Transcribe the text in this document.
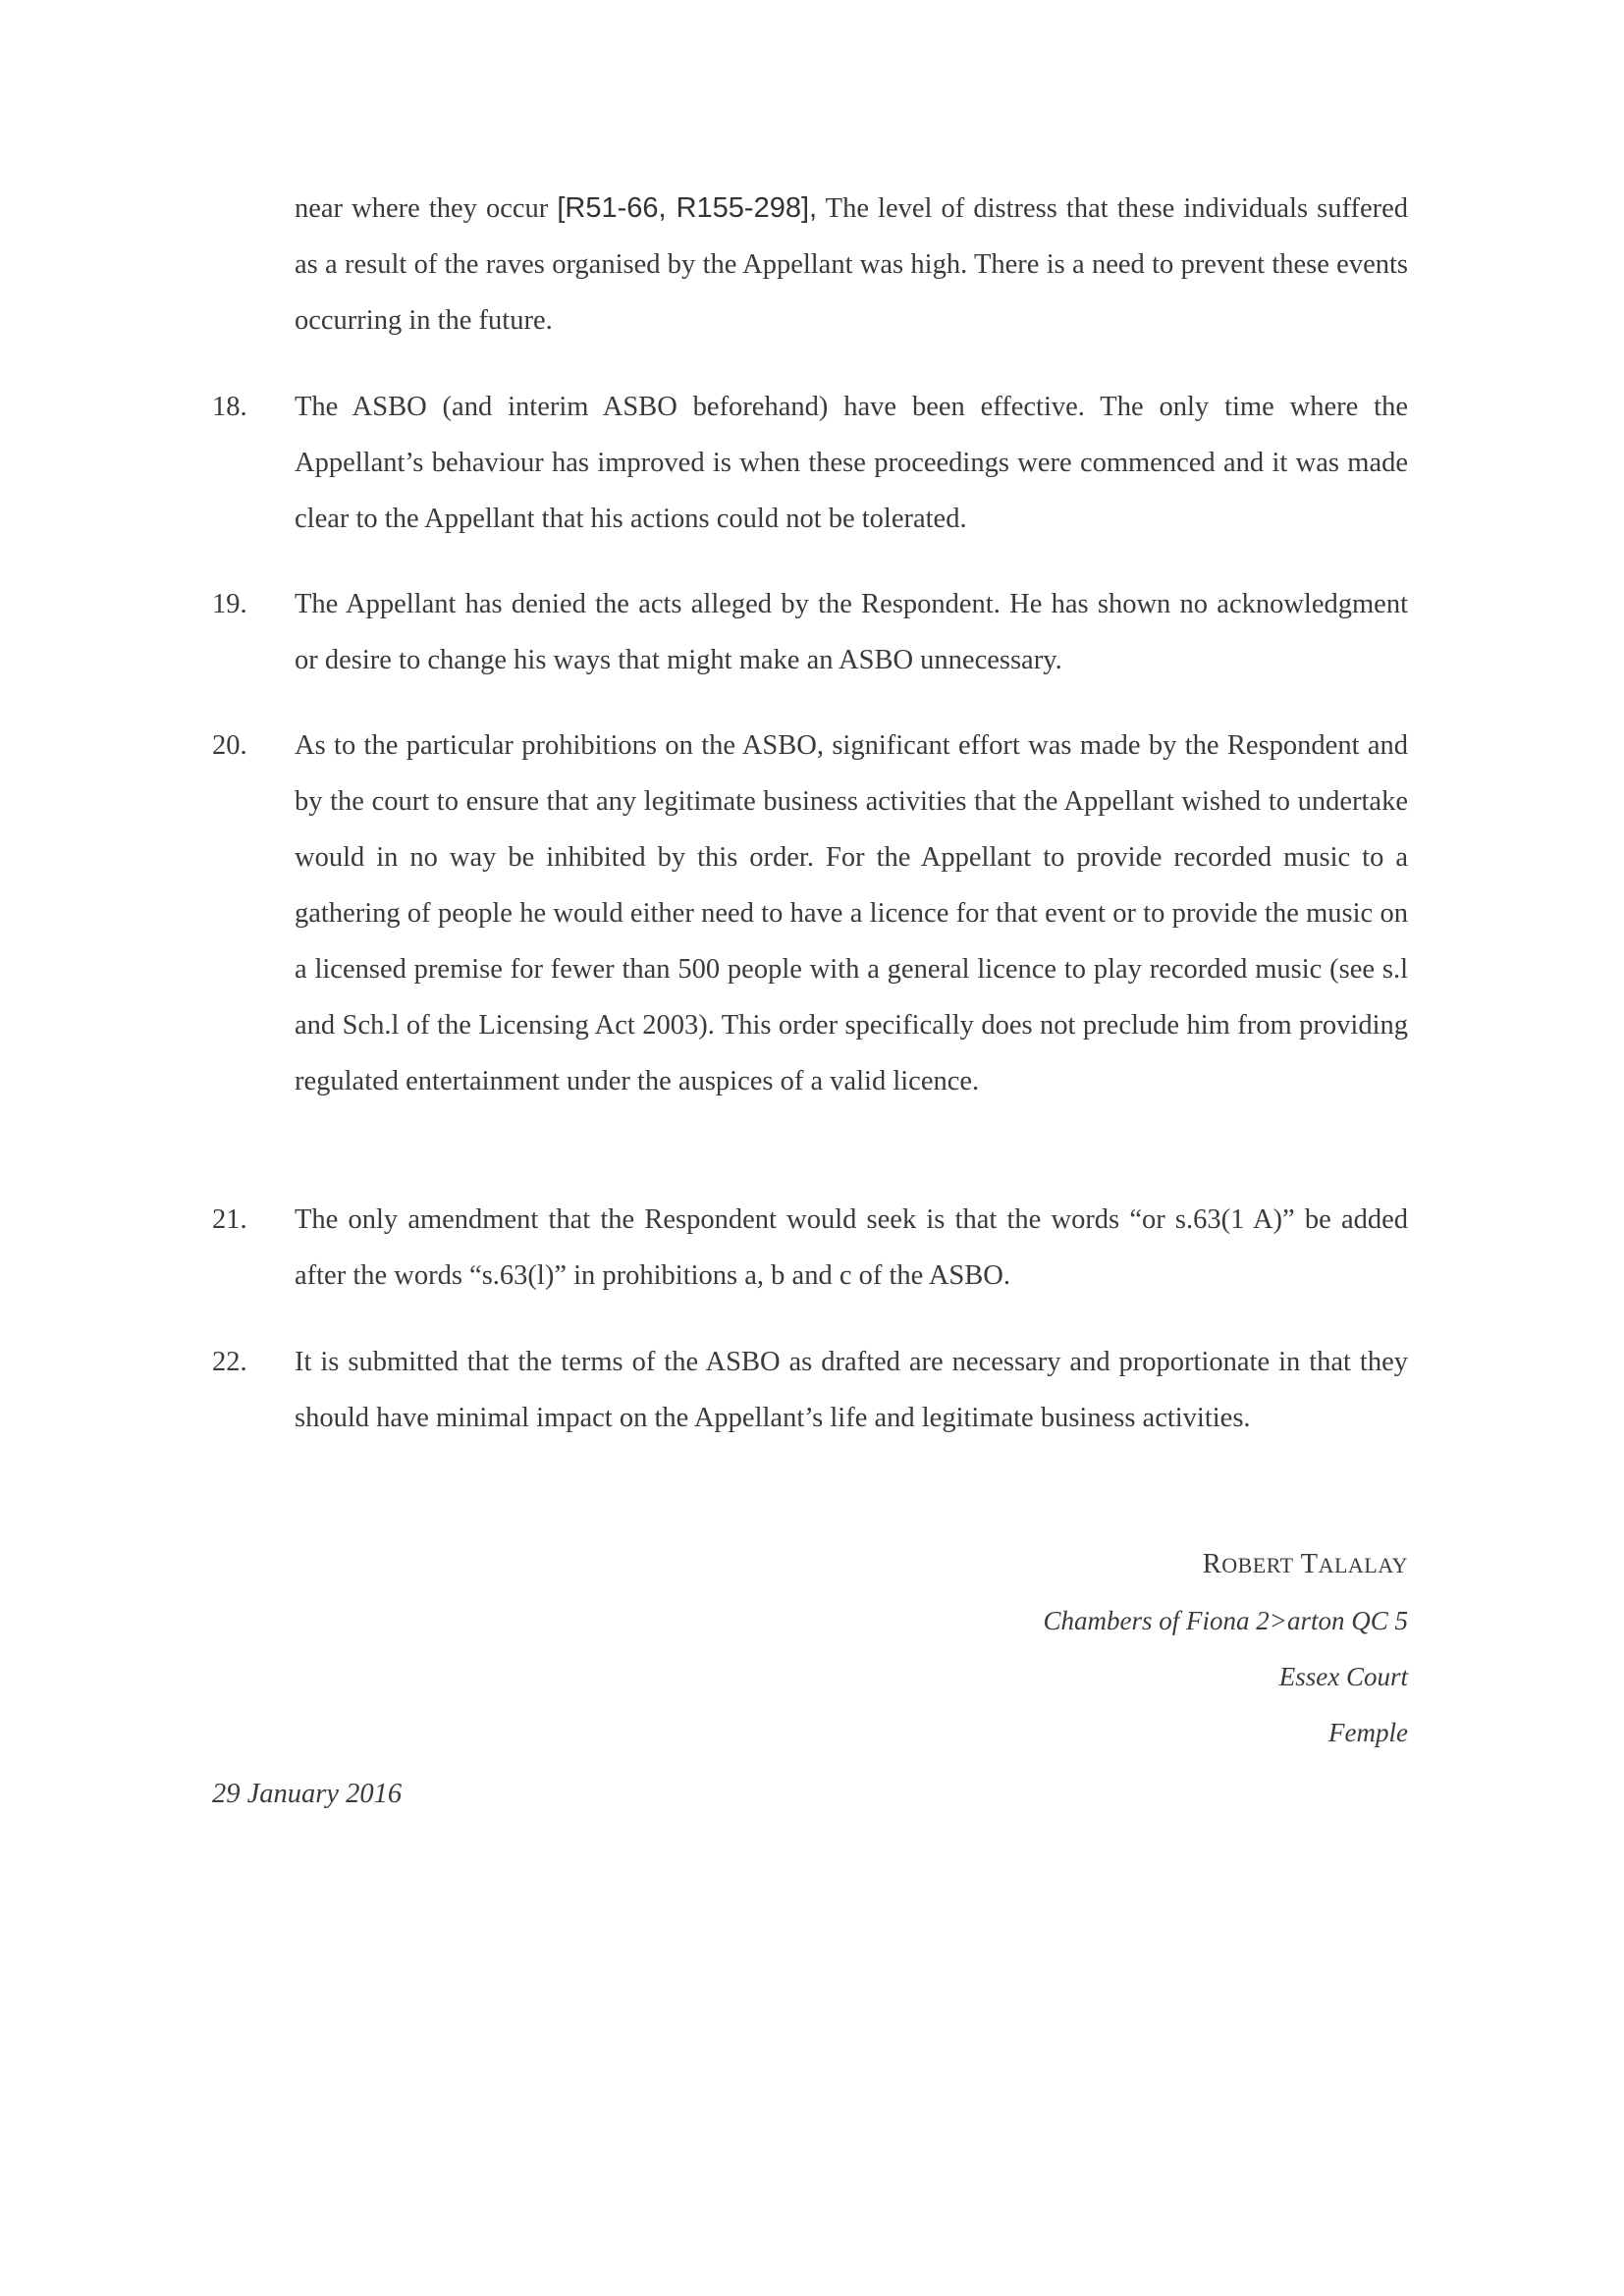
near where they occur [R51-66, R155-298], The level of distress that these individuals suffered as a result of the raves organised by the Appellant was high. There is a need to prevent these events occurring in the future.
18.	The ASBO (and interim ASBO beforehand) have been effective. The only time where the Appellant’s behaviour has improved is when these proceedings were commenced and it was made clear to the Appellant that his actions could not be tolerated.
19.	The Appellant has denied the acts alleged by the Respondent. He has shown no acknowledgment or desire to change his ways that might make an ASBO unnecessary.
20.	As to the particular prohibitions on the ASBO, significant effort was made by the Respondent and by the court to ensure that any legitimate business activities that the Appellant wished to undertake would in no way be inhibited by this order. For the Appellant to provide recorded music to a gathering of people he would either need to have a licence for that event or to provide the music on a licensed premise for fewer than 500 people with a general licence to play recorded music (see s.l and Sch.l of the Licensing Act 2003). This order specifically does not preclude him from providing regulated entertainment under the auspices of a valid licence.
21.	The only amendment that the Respondent would seek is that the words “or s.63(1 A)” be added after the words “s.63(l)” in prohibitions a, b and c of the ASBO.
22.	It is submitted that the terms of the ASBO as drafted are necessary and proportionate in that they should have minimal impact on the Appellant’s life and legitimate business activities.
ROBERT TALALAY
Chambers of Fiona 2>arton QC 5
Essex Court
Femple
29 January 2016
